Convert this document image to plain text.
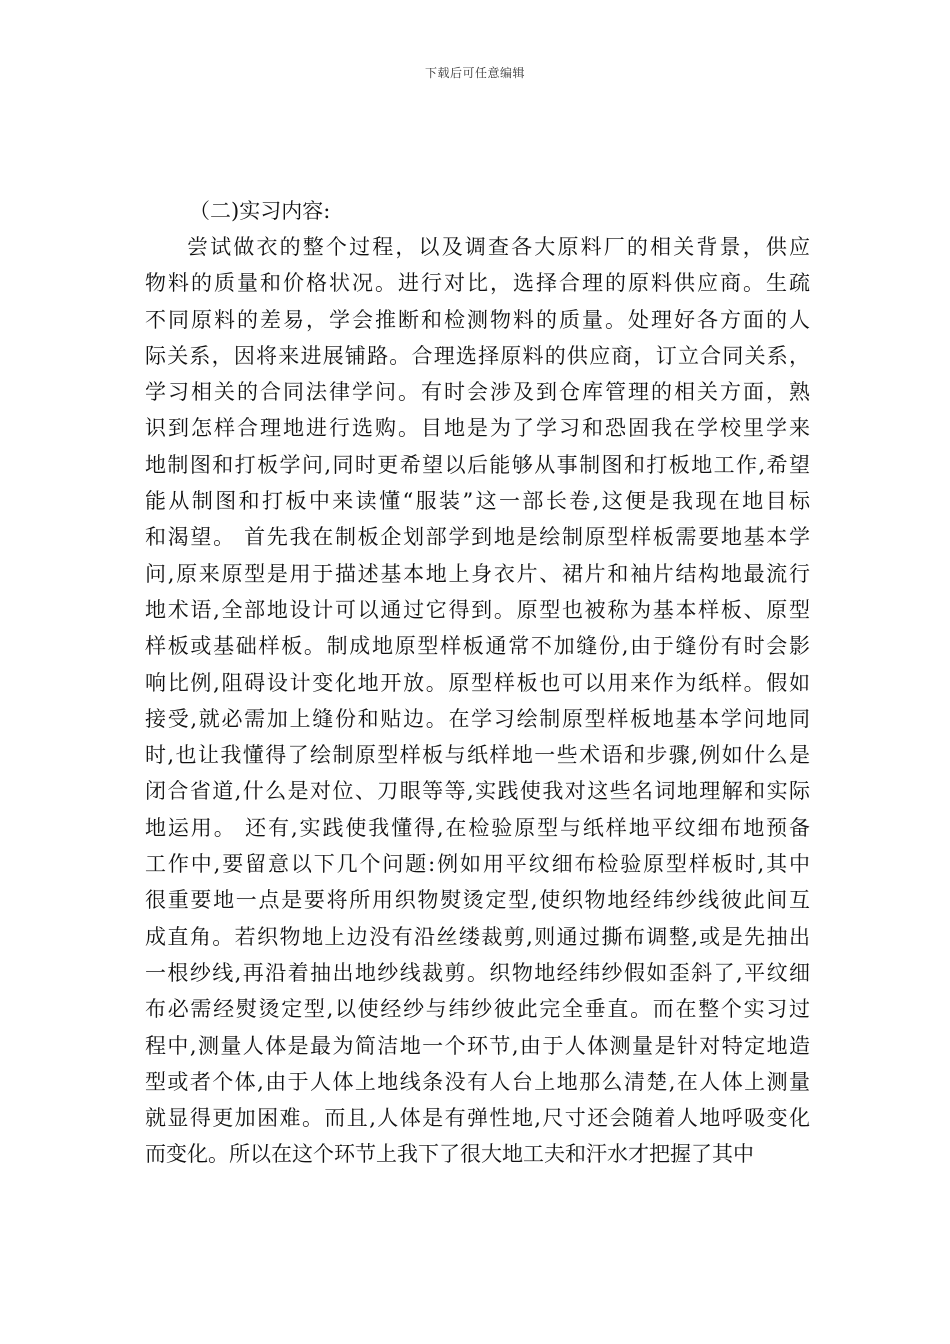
下载后可任意编辑
（二)实习内容:
尝试做衣的整个过程，以及调查各大原料厂的相关背景，供应
物料的质量和价格状况。进行对比，选择合理的原料供应商。生疏
不同原料的差易，学会推断和检测物料的质量。处理好各方面的人
际关系，因将来进展铺路。合理选择原料的供应商，订立合同关系，
学习相关的合同法律学问。有时会涉及到仓库管理的相关方面，熟
识到怎样合理地进行选购。目地是为了学习和恐固我在学校里学来
地制图和打板学问,同时更希望以后能够从事制图和打板地工作,希望
能从制图和打板中来读懂“服装”这一部长卷,这便是我现在地目标
和渴望。 首先我在制板企划部学到地是绘制原型样板需要地基本学
问,原来原型是用于描述基本地上身衣片、裙片和袖片结构地最流行
地术语,全部地设计可以通过它得到。原型也被称为基本样板、原型
样板或基础样板。制成地原型样板通常不加缝份,由于缝份有时会影
响比例,阻碍设计变化地开放。原型样板也可以用来作为纸样。假如
接受,就必需加上缝份和贴边。在学习绘制原型样板地基本学问地同
时,也让我懂得了绘制原型样板与纸样地一些术语和步骤,例如什么是
闭合省道,什么是对位、刀眼等等,实践使我对这些名词地理解和实际
地运用。 还有,实践使我懂得,在检验原型与纸样地平纹细布地预备
工作中,要留意以下几个问题:例如用平纹细布检验原型样板时,其中
很重要地一点是要将所用织物熨烫定型,使织物地经纬纱线彼此间互
成直角。若织物地上边没有沿丝缕裁剪,则通过撕布调整,或是先抽出
一根纱线,再沿着抽出地纱线裁剪。织物地经纬纱假如歪斜了,平纹细
布必需经熨烫定型,以使经纱与纬纱彼此完全垂直。而在整个实习过
程中,测量人体是最为简洁地一个环节,由于人体测量是针对特定地造
型或者个体,由于人体上地线条没有人台上地那么清楚,在人体上测量
就显得更加困难。而且,人体是有弹性地,尺寸还会随着人地呼吸变化
而变化。所以在这个环节上我下了很大地工夫和汗水才把握了其中
